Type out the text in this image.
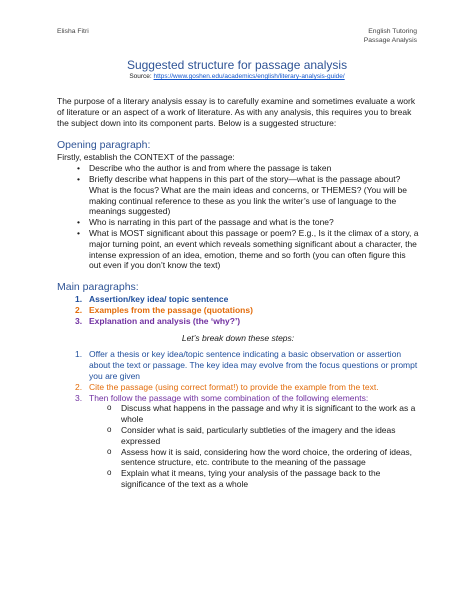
Elisha Fitri	English Tutoring
Passage Analysis
Suggested structure for passage analysis
Source: https://www.goshen.edu/academics/english/literary-analysis-guide/

The purpose of a literary analysis essay is to carefully examine and sometimes evaluate a work of literature or an aspect of a work of literature. As with any analysis, this requires you to break the subject down into its component parts. Below is a suggested structure:

Opening paragraph:

Firstly, establish the CONTEXT of the passage:

• Describe who the author is and from where the passage is taken
• Briefly describe what happens in this part of the story—what is the passage about? What is the focus? What are the main ideas and concerns, or THEMES? (You will be making continual reference to these as you link the writer’s use of language to the meanings suggested)
• Who is narrating in this part of the passage and what is the tone?
• What is MOST significant about this passage or poem? E.g., Is it the climax of a story, a major turning point, an event which reveals something significant about a character, the intense expression of an idea, emotion, theme and so forth (you can often figure this out even if you don’t know the text)
Main paragraphs:
1. Assertion/key idea/ topic sentence
2. Examples from the passage (quotations)
3. Explanation and analysis (the ‘why?’)

Let’s break down these steps:

1. Offer a thesis or key idea/topic sentence indicating a basic observation or assertion about the text or passage. The key idea may evolve from the focus questions or prompt you are given
2. Cite the passage (using correct format!) to provide the example from the text.
3. Then follow the passage with some combination of the following elements:
o Discuss what happens in the passage and why it is significant to the work as a whole
o Consider what is said, particularly subtleties of the imagery and the ideas expressed
o Assess how it is said, considering how the word choice, the ordering of ideas, sentence structure, etc. contribute to the meaning of the passage
o Explain what it means, tying your analysis of the passage back to the significance of the text as a whole
